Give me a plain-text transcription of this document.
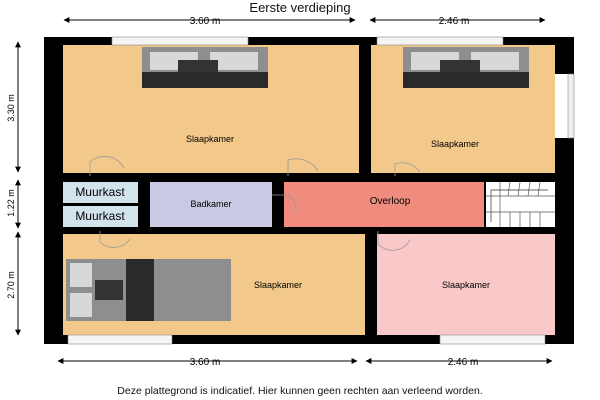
Eerste verdieping
3.60 m	2.46 m
3.60 m	2.46 m
3.30 m
1.22 m
2.70 m
Slaapkamer	Slaapkamer
Muurkast
Muurkast
Badkamer	Overloop
Slaapkamer	Slaapkamer
Deze plattegrond is indicatief. Hier kunnen geen rechten aan verleend worden.
